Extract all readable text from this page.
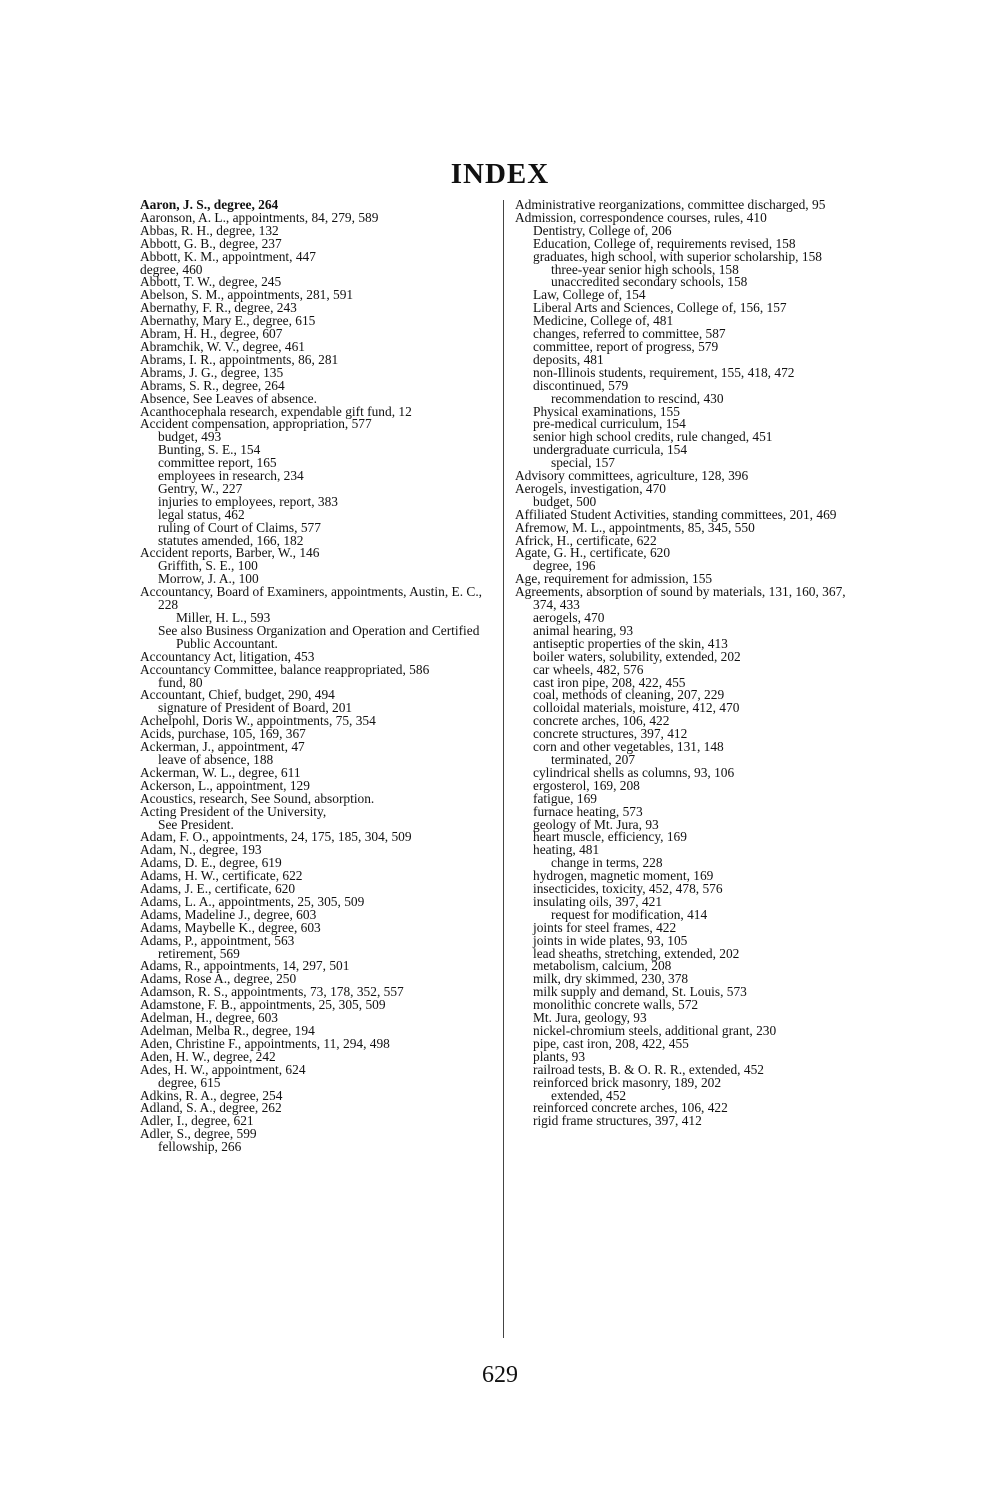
INDEX
Aaron, J. S., degree, 264
Aaronson, A. L., appointments, 84, 279, 589
Abbas, R. H., degree, 132
Abbott, G. B., degree, 237
Abbott, K. M., appointment, 447
degree, 460
Abbott, T. W., degree, 245
Abelson, S. M., appointments, 281, 591
Abernathy, F. R., degree, 243
Abernathy, Mary E., degree, 615
Abram, H. H., degree, 607
Abramchik, W. V., degree, 461
Abrams, I. R., appointments, 86, 281
Abrams, J. G., degree, 135
Abrams, S. R., degree, 264
Absence, See Leaves of absence.
Acanthocephala research, expendable gift fund, 12
Accident compensation, appropriation, 577
budget, 493
Bunting, S. E., 154
committee report, 165
employees in research, 234
Gentry, W., 227
injuries to employees, report, 383
legal status, 462
ruling of Court of Claims, 577
statutes amended, 166, 182
Accident reports, Barber, W., 146
Griffith, S. E., 100
Morrow, J. A., 100
Accountancy, Board of Examiners, appointments, Austin, E. C., 228
Miller, H. L., 593
See also Business Organization and Operation and Certified Public Accountant.
Accountancy Act, litigation, 453
Accountancy Committee, balance reappropriated, 586
fund, 80
Accountant, Chief, budget, 290, 494
signature of President of Board, 201
Achelpohl, Doris W., appointments, 75, 354
Acids, purchase, 105, 169, 367
Ackerman, J., appointment, 47
leave of absence, 188
Ackerman, W. L., degree, 611
Ackerson, L., appointment, 129
Acoustics, research, See Sound, absorption.
Acting President of the University,
See President.
Adam, F. O., appointments, 24, 175, 185, 304, 509
Adam, N., degree, 193
Adams, D. E., degree, 619
Adams, H. W., certificate, 622
Adams, J. E., certificate, 620
Adams, L. A., appointments, 25, 305, 509
Adams, Madeline J., degree, 603
Adams, Maybelle K., degree, 603
Adams, P., appointment, 563
retirement, 569
Adams, R., appointments, 14, 297, 501
Adams, Rose A., degree, 250
Adamson, R. S., appointments, 73, 178, 352, 557
Adamstone, F. B., appointments, 25, 305, 509
Adelman, H., degree, 603
Adelman, Melba R., degree, 194
Aden, Christine F., appointments, 11, 294, 498
Aden, H. W., degree, 242
Ades, H. W., appointment, 624
degree, 615
Adkins, R. A., degree, 254
Adland, S. A., degree, 262
Adler, I., degree, 621
Adler, S., degree, 599
fellowship, 266
Administrative reorganizations, committee discharged, 95
Admission, correspondence courses, rules, 410
Dentistry, College of, 206
Education, College of, requirements revised, 158
graduates, high school, with superior scholarship, 158
three-year senior high schools, 158
unaccredited secondary schools, 158
Law, College of, 154
Liberal Arts and Sciences, College of, 156, 157
Medicine, College of, 481
changes, referred to committee, 587
committee, report of progress, 579
deposits, 481
non-Illinois students, requirement, 155, 418, 472
discontinued, 579
recommendation to rescind, 430
Physical examinations, 155
pre-medical curriculum, 154
senior high school credits, rule changed, 451
undergraduate curricula, 154
special, 157
Advisory committees, agriculture, 128, 396
Aerogels, investigation, 470
budget, 500
Affiliated Student Activities, standing committees, 201, 469
Afremow, M. L., appointments, 85, 345, 550
Africk, H., certificate, 622
Agate, G. H., certificate, 620
degree, 196
Age, requirement for admission, 155
Agreements, absorption of sound by materials, 131, 160, 367, 374, 433
aerogels, 470
animal hearing, 93
antiseptic properties of the skin, 413
boiler waters, solubility, extended, 202
car wheels, 482, 576
cast iron pipe, 208, 422, 455
coal, methods of cleaning, 207, 229
colloidal materials, moisture, 412, 470
concrete arches, 106, 422
concrete structures, 397, 412
corn and other vegetables, 131, 148
terminated, 207
cylindrical shells as columns, 93, 106
ergosterol, 169, 208
fatigue, 169
furnace heating, 573
geology of Mt. Jura, 93
heart muscle, efficiency, 169
heating, 481
change in terms, 228
hydrogen, magnetic moment, 169
insecticides, toxicity, 452, 478, 576
insulating oils, 397, 421
request for modification, 414
joints for steel frames, 422
joints in wide plates, 93, 105
lead sheaths, stretching, extended, 202
metabolism, calcium, 208
milk, dry skimmed, 230, 378
milk supply and demand, St. Louis, 573
monolithic concrete walls, 572
Mt. Jura, geology, 93
nickel-chromium steels, additional grant, 230
pipe, cast iron, 208, 422, 455
plants, 93
railroad tests, B. & O. R. R., extended, 452
reinforced brick masonry, 189, 202
extended, 452
reinforced concrete arches, 106, 422
rigid frame structures, 397, 412
629
